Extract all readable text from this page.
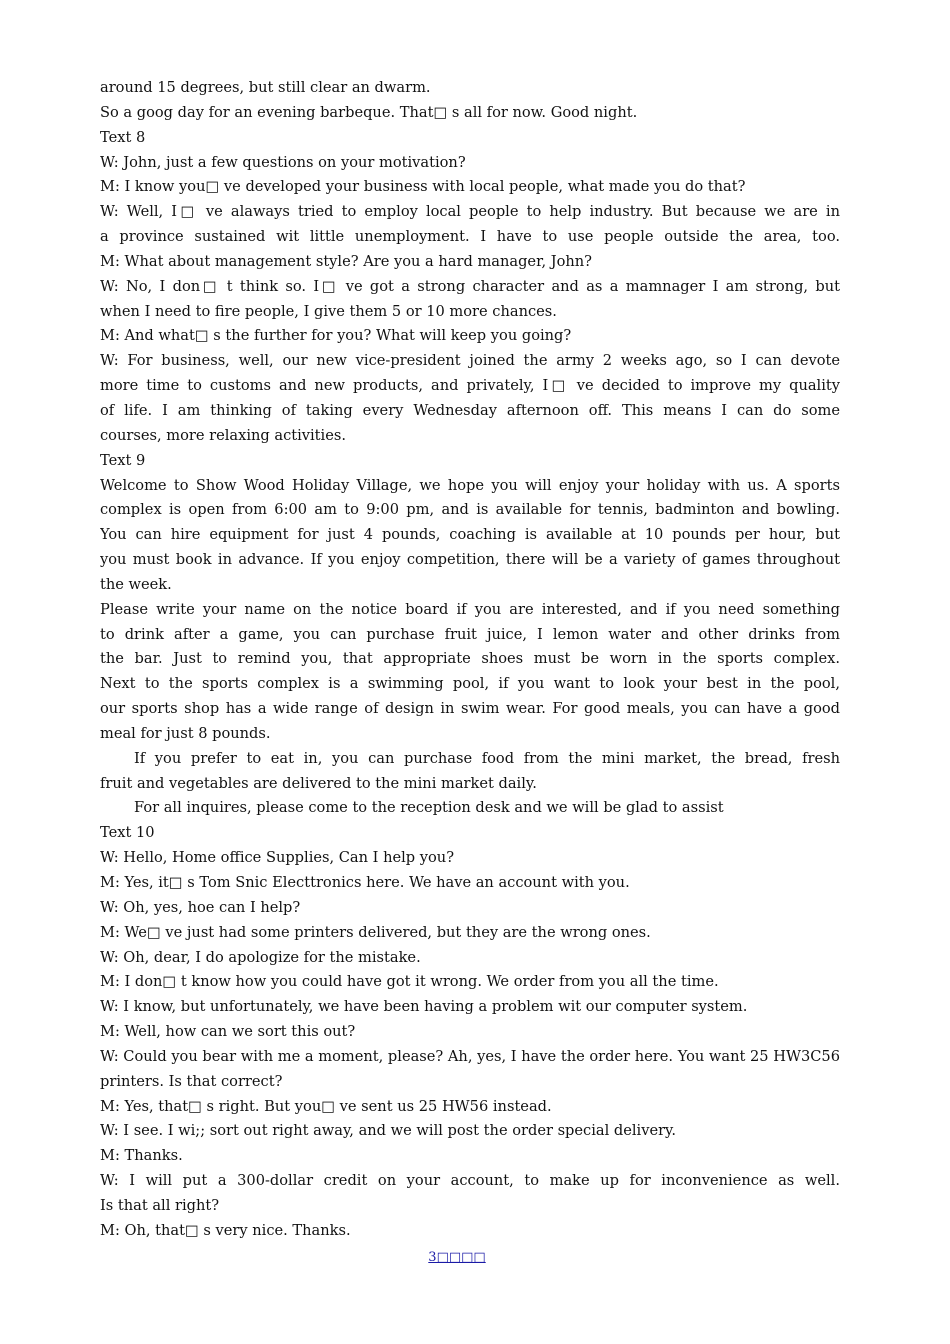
around 15 degrees, but still clear an dwarm.
So a goog day for an evening barbeque. That□ s all for now. Good night.
Text 8
W: John, just a few questions on your motivation?
M: I know you□ ve developed your business with local people, what made you do that?
W: Well, I□ ve alaways tried to employ local people to help industry. But because we are in
a province sustained wit little unemployment. I have to use people outside the area, too.
M: What about management style? Are you a hard manager, John?
W: No, I don□ t think so. I□ ve got a strong character and as a mamnager I am strong, but
when I need to fire people, I give them 5 or 10 more chances.
M: And what□ s the further for you? What will keep you going?
W: For business, well, our new vice-president joined the army 2 weeks ago, so I can devote
more time to customs and new products, and privately, I□ ve decided to improve my quality
of life. I am thinking of taking every Wednesday afternoon off. This means I can do some
courses, more relaxing activities.
Text 9
Welcome to Show Wood Holiday Village, we hope you will enjoy your holiday with us. A sports
complex is open from 6:00 am to 9:00 pm, and is available for tennis, badminton and bowling.
You can hire equipment for just 4 pounds, coaching is available at 10 pounds per hour, but
you must book in advance. If you enjoy competition, there will be a variety of games throughout
the week.
Please write your name on the notice board if you are interested, and if you need something
to drink after a game, you can purchase fruit juice, I lemon water and other drinks from
the bar. Just to remind you, that appropriate shoes must be worn in the sports complex.
Next to the sports complex is a swimming pool, if you want to look your best in the pool,
our sports shop has a wide range of design in swim wear. For good meals, you can have a good
meal for just 8 pounds.
If you prefer to eat in, you can purchase food from the mini market, the bread, fresh
fruit and vegetables are delivered to the mini market daily.
For all inquires, please come to the reception desk and we will be glad to assist
Text 10
W: Hello, Home office Supplies, Can I help you?
M: Yes, it□ s Tom Snic Electtronics here. We have an account with you.
W: Oh, yes, hoe can I help?
M: We□ ve just had some printers delivered, but they are the wrong ones.
W: Oh, dear, I do apologize for the mistake.
M: I don□ t know how you could have got it wrong. We order from you all the time.
W: I know, but unfortunately, we have been having a problem wit our computer system.
M: Well, how can we sort this out?
W: Could you bear with me a moment, please? Ah, yes, I have the order here. You want 25 HW3C56
printers. Is that correct?
M: Yes, that□ s right. But you□ ve sent us 25 HW56 instead.
W: I see. I wi;; sort out right away, and we will post the order special delivery.
M: Thanks.
W: I will put a 300-dollar credit on your account, to make up for inconvenience as well.
Is that all right?
M: Oh, that□ s very nice. Thanks.
3□□□□
